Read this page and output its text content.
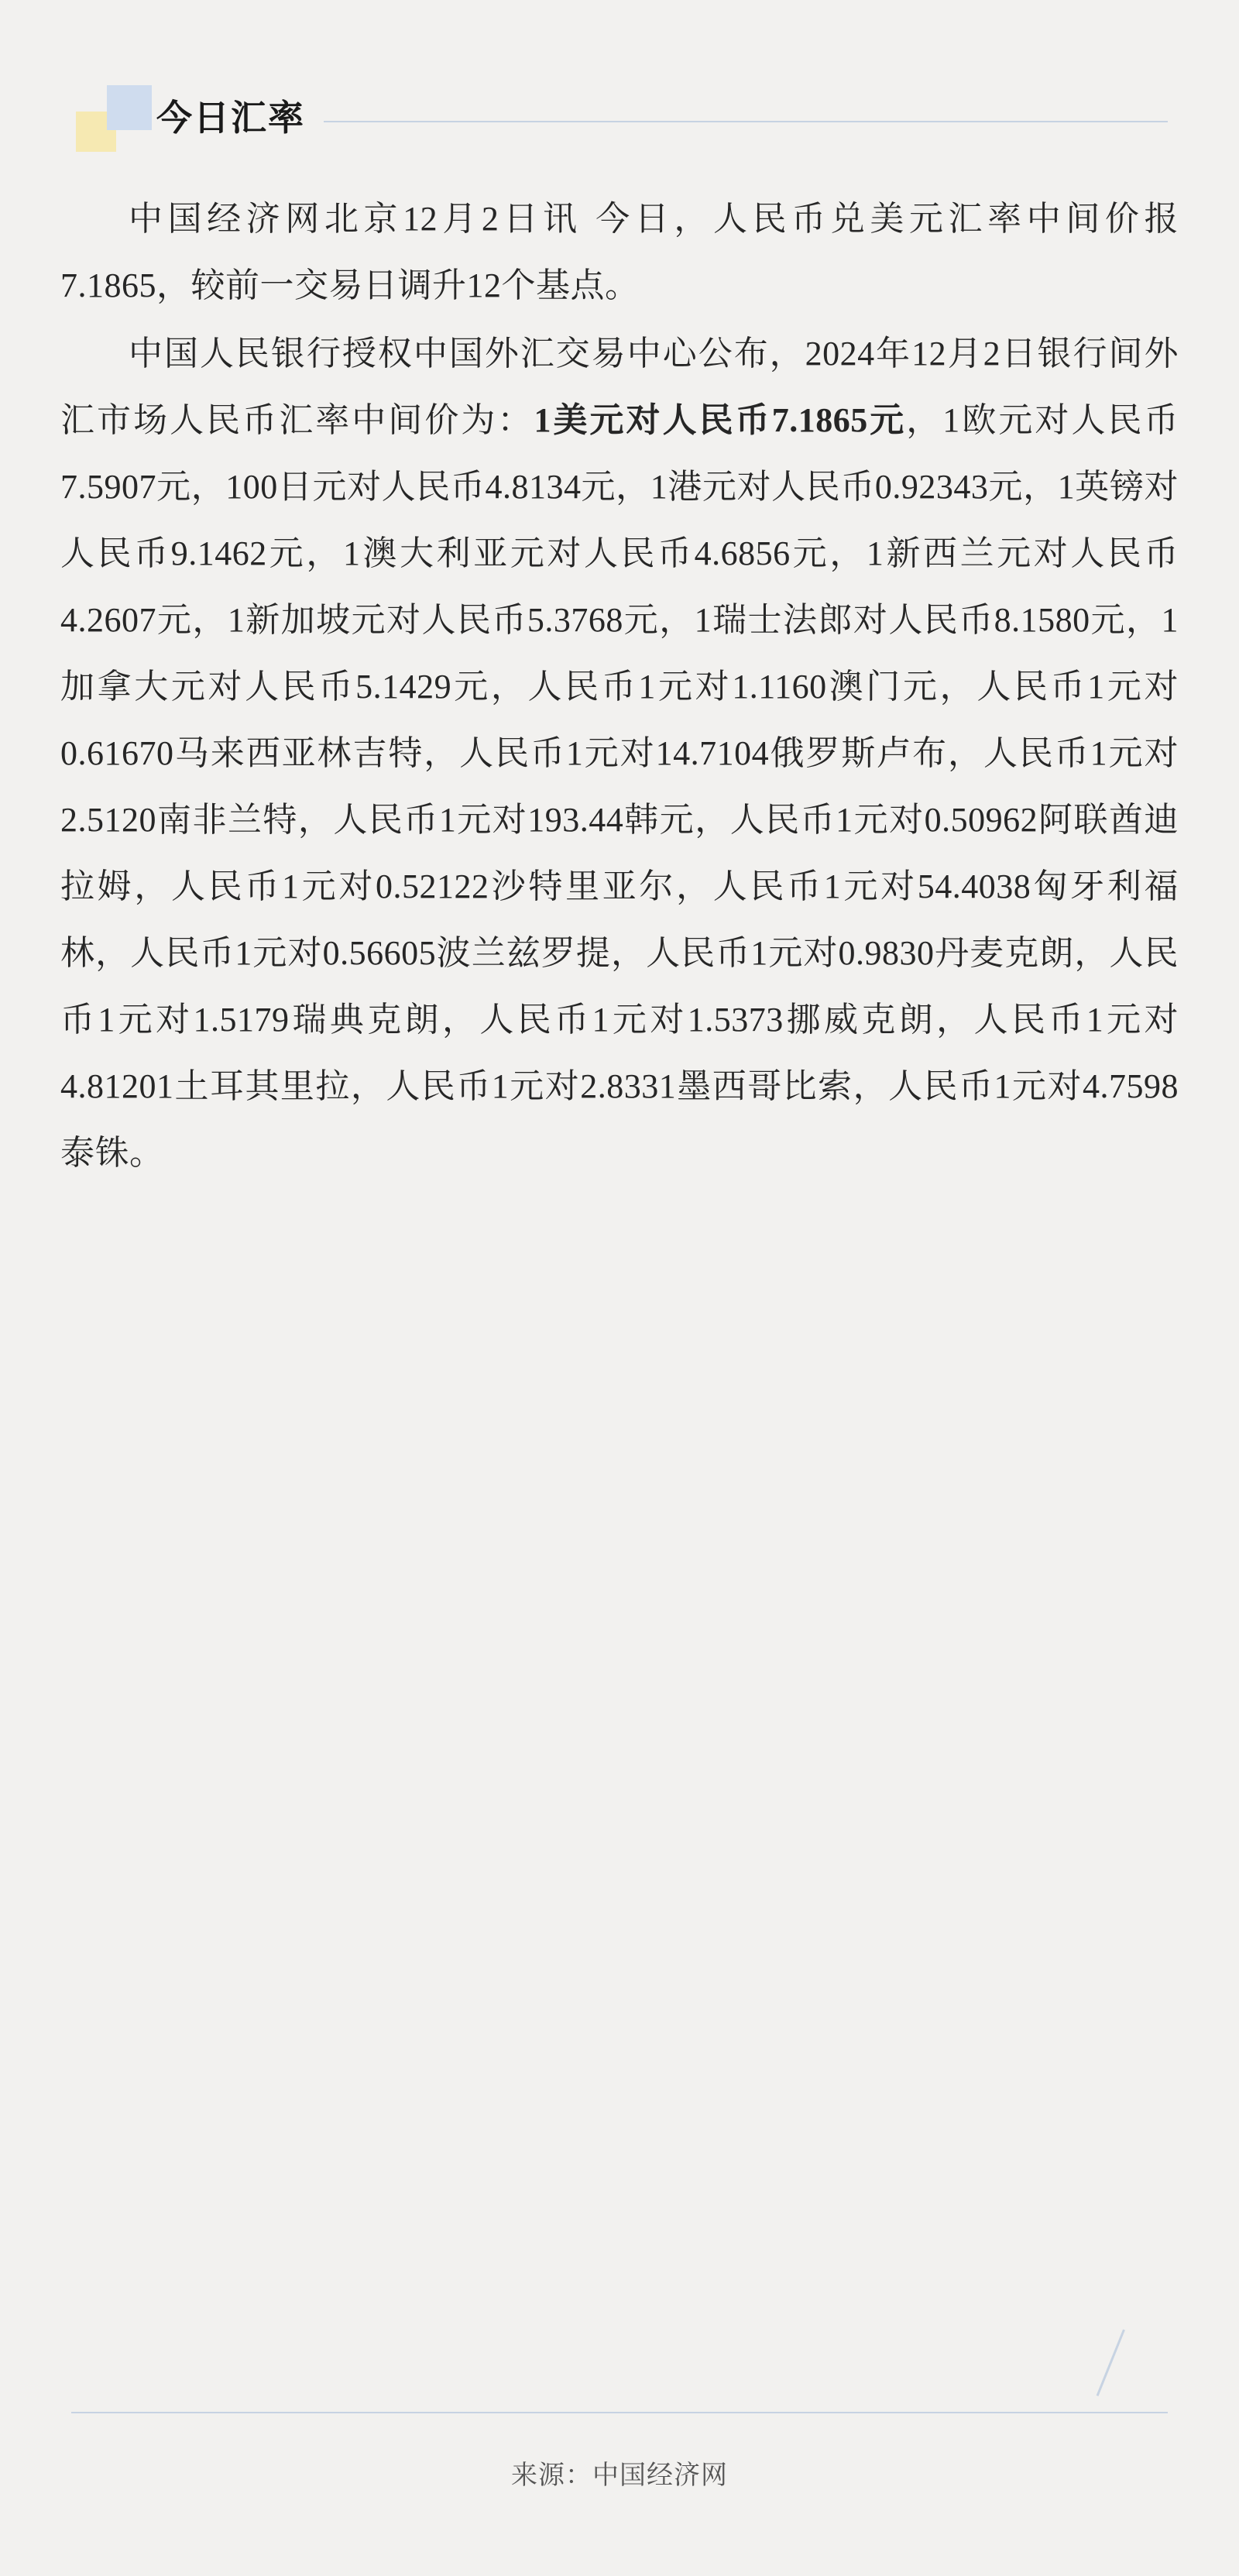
今日汇率

中国经济网北京12月2日讯 今日，人民币兑美元汇率中间价报7.1865，较前一交易日调升12个基点。

中国人民银行授权中国外汇交易中心公布，2024年12月2日银行间外汇市场人民币汇率中间价为：1美元对人民币7.1865元，1欧元对人民币7.5907元，100日元对人民币4.8134元，1港元对人民币0.92343元，1英镑对人民币9.1462元，1澳大利亚元对人民币4.6856元，1新西兰元对人民币4.2607元，1新加坡元对人民币5.3768元，1瑞士法郎对人民币8.1580元，1加拿大元对人民币5.1429元，人民币1元对1.1160澳门元，人民币1元对0.61670马来西亚林吉特，人民币1元对14.7104俄罗斯卢布，人民币1元对2.5120南非兰特，人民币1元对193.44韩元，人民币1元对0.50962阿联酋迪拉姆，人民币1元对0.52122沙特里亚尔，人民币1元对54.4038匈牙利福林，人民币1元对0.56605波兰兹罗提，人民币1元对0.9830丹麦克朗，人民币1元对1.5179瑞典克朗，人民币1元对1.5373挪威克朗，人民币1元对4.81201土耳其里拉，人民币1元对2.8331墨西哥比索，人民币1元对4.7598泰铢。

来源：中国经济网
